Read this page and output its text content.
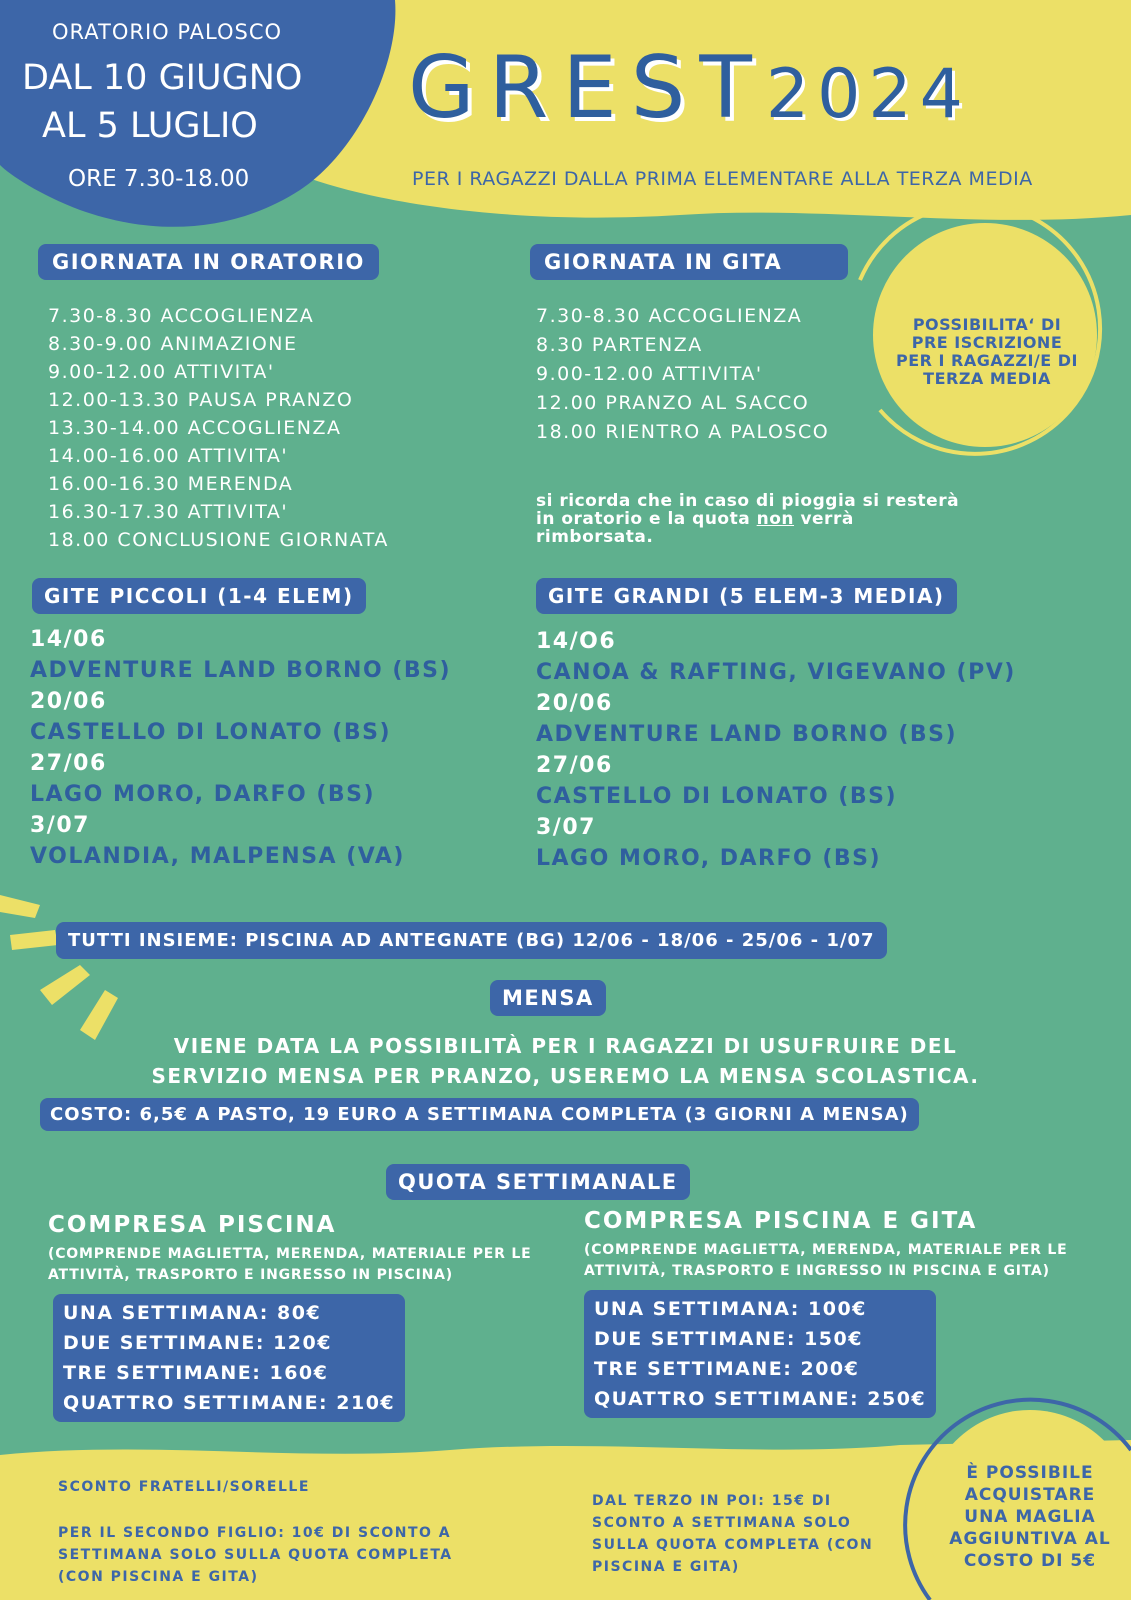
ORATORIO PALOSCO
DAL 10 GIUGNO
AL 5 LUGLIO
ORE 7.30-18.00
GREST2024
PER I RAGAZZI DALLA PRIMA ELEMENTARE ALLA TERZA MEDIA
GIORNATA IN ORATORIO
7.30-8.30 ACCOGLIENZA
8.30-9.00 ANIMAZIONE
9.00-12.00 ATTIVITA'
12.00-13.30 PAUSA PRANZO
13.30-14.00 ACCOGLIENZA
14.00-16.00 ATTIVITA'
16.00-16.30 MERENDA
16.30-17.30 ATTIVITA'
18.00 CONCLUSIONE GIORNATA
GIORNATA IN GITA
7.30-8.30 ACCOGLIENZA
8.30 PARTENZA
9.00-12.00 ATTIVITA'
12.00 PRANZO AL SACCO
18.00 RIENTRO A PALOSCO
si ricorda che in caso di pioggia si resterà in oratorio e la quota non verrà rimborsata.
POSSIBILITA‘ DI PRE ISCRIZIONE PER I RAGAZZI/E DI TERZA MEDIA
GITE PICCOLI (1-4 ELEM)
14/06
ADVENTURE LAND BORNO (BS)
20/06
CASTELLO DI LONATO (BS)
27/06
LAGO MORO, DARFO (BS)
3/07
VOLANDIA, MALPENSA (VA)
GITE GRANDI (5 ELEM-3 MEDIA)
14/O6
CANOA & RAFTING, VIGEVANO (PV)
20/06
ADVENTURE LAND BORNO (BS)
27/06
CASTELLO DI LONATO (BS)
3/07
LAGO MORO, DARFO (BS)
TUTTI INSIEME: PISCINA AD ANTEGNATE (BG) 12/06 - 18/06 - 25/06 - 1/07
MENSA
VIENE DATA LA POSSIBILITÀ PER I RAGAZZI DI USUFRUIRE DEL
SERVIZIO MENSA PER PRANZO, USEREMO LA MENSA SCOLASTICA.
COSTO: 6,5€ A PASTO, 19 EURO A SETTIMANA COMPLETA (3 GIORNI A MENSA)
QUOTA SETTIMANALE
COMPRESA PISCINA
(COMPRENDE MAGLIETTA, MERENDA, MATERIALE PER LE ATTIVITÀ, TRASPORTO E INGRESSO IN PISCINA)
UNA SETTIMANA: 80€
DUE SETTIMANE: 120€
TRE SETTIMANE: 160€
QUATTRO SETTIMANE: 210€
COMPRESA PISCINA E GITA
(COMPRENDE MAGLIETTA, MERENDA, MATERIALE PER LE ATTIVITÀ, TRASPORTO E INGRESSO IN PISCINA E GITA)
UNA SETTIMANA: 100€
DUE SETTIMANE: 150€
TRE SETTIMANE: 200€
QUATTRO SETTIMANE: 250€
SCONTO FRATELLI/SORELLE
PER IL SECONDO FIGLIO: 10€ DI SCONTO A SETTIMANA SOLO SULLA QUOTA COMPLETA (CON PISCINA E GITA)
DAL TERZO IN POI: 15€ DI SCONTO A SETTIMANA SOLO SULLA QUOTA COMPLETA (CON PISCINA E GITA)
È POSSIBILE ACQUISTARE UNA MAGLIA AGGIUNTIVA AL COSTO DI 5€
